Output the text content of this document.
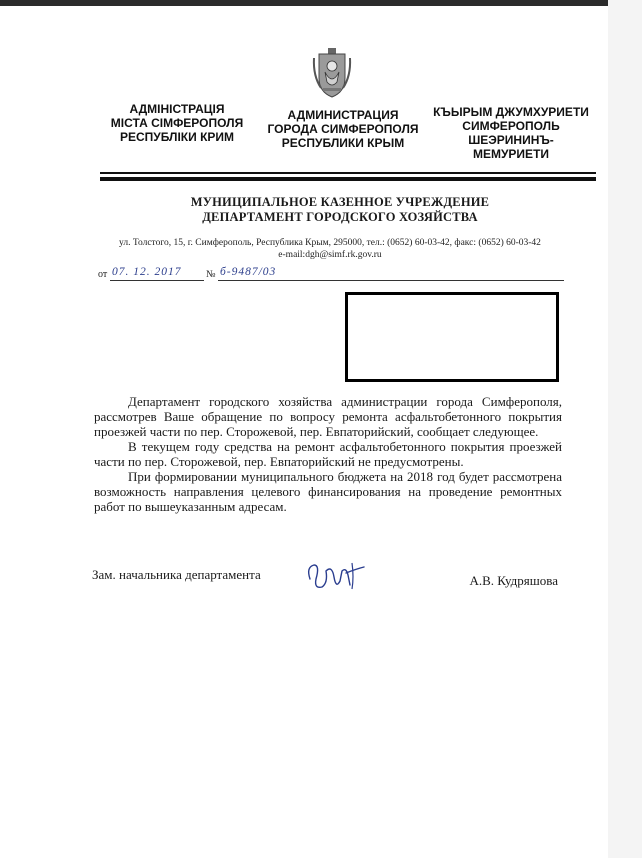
АДМІНІСТРАЦІЯ
МІСТА СІМФЕРОПОЛЯ
РЕСПУБЛІКИ КРИМ
АДМИНИСТРАЦИЯ
ГОРОДА СИМФЕРОПОЛЯ
РЕСПУБЛИКИ КРЫМ
КЪЫРЫМ ДЖУМХУРИЕТИ
СИМФЕРОПОЛЬ
ШЕЭРИНИНЪ-
МЕМУРИЕТИ
МУНИЦИПАЛЬНОЕ КАЗЕННОЕ УЧРЕЖДЕНИЕ
ДЕПАРТАМЕНТ ГОРОДСКОГО ХОЗЯЙСТВА
ул. Толстого, 15, г. Симферополь, Республика Крым, 295000, тел.: (0652) 60-03-42, факс: (0652) 60-03-42
e-mail:dgh@simf.rk.gov.ru
от 07. 12. 2017 № б-9487/03

Департамент городского хозяйства администрации города Симферополя, рассмотрев Ваше обращение по вопросу ремонта асфальтобетонного покрытия проезжей части по пер. Сторожевой, пер. Евпаторийский, сообщает следующее.

В текущем году средства на ремонт асфальтобетонного покрытия проезжей части по пер. Сторожевой, пер. Евпаторийский не предусмотрены.

При формировании муниципального бюджета на 2018 год будет рассмотрена возможность направления целевого финансирования на проведение ремонтных работ по вышеуказанным адресам.

Зам. начальника департамента	А.В. Кудряшова
